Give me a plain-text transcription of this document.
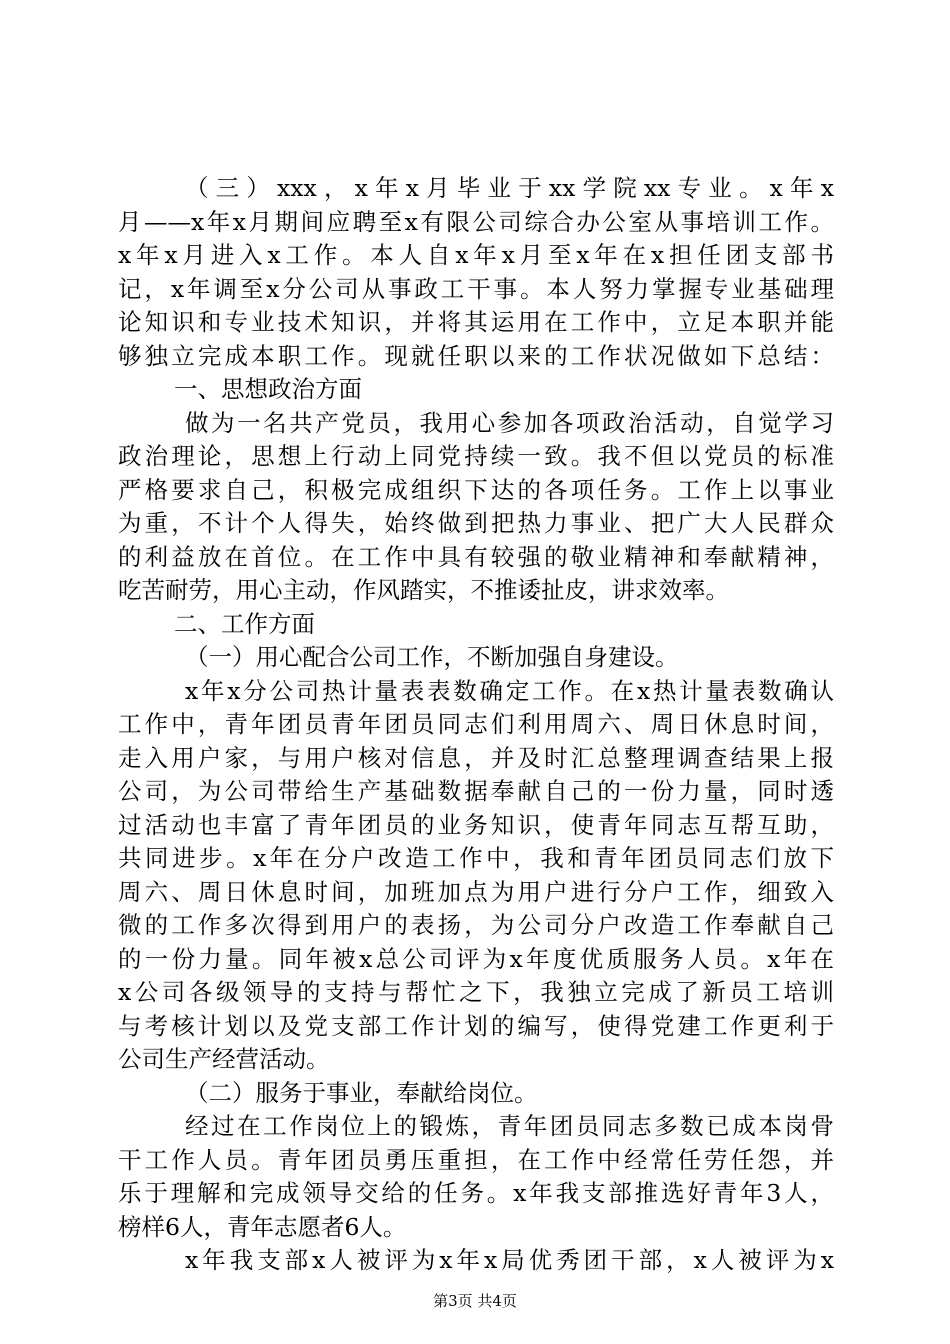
（三）xxx，x年x月毕业于xx学院xx专业。x年x
月——x年x月期间应聘至x有限公司综合办公室从事培训工作。
x年x月进入x工作。本人自x年x月至x年在x担任团支部书
记，x年调至x分公司从事政工干事。本人努力掌握专业基础理
论知识和专业技术知识，并将其运用在工作中，立足本职并能
够独立完成本职工作。现就任职以来的工作状况做如下总结：
一、思想政治方面
做为一名共产党员，我用心参加各项政治活动，自觉学习
政治理论，思想上行动上同党持续一致。我不但以党员的标准
严格要求自己，积极完成组织下达的各项任务。工作上以事业
为重，不计个人得失，始终做到把热力事业、把广大人民群众
的利益放在首位。在工作中具有较强的敬业精神和奉献精神，
吃苦耐劳，用心主动，作风踏实，不推诿扯皮，讲求效率。
二、工作方面
（一）用心配合公司工作，不断加强自身建设。
x年x分公司热计量表表数确定工作。在x热计量表数确认
工作中，青年团员青年团员同志们利用周六、周日休息时间，
走入用户家，与用户核对信息，并及时汇总整理调查结果上报
公司，为公司带给生产基础数据奉献自己的一份力量，同时透
过活动也丰富了青年团员的业务知识，使青年同志互帮互助，
共同进步。x年在分户改造工作中，我和青年团员同志们放下
周六、周日休息时间，加班加点为用户进行分户工作，细致入
微的工作多次得到用户的表扬，为公司分户改造工作奉献自己
的一份力量。同年被x总公司评为x年度优质服务人员。x年在
x公司各级领导的支持与帮忙之下，我独立完成了新员工培训
与考核计划以及党支部工作计划的编写，使得党建工作更利于
公司生产经营活动。
（二）服务于事业，奉献给岗位。
经过在工作岗位上的锻炼，青年团员同志多数已成本岗骨
干工作人员。青年团员勇压重担，在工作中经常任劳任怨，并
乐于理解和完成领导交给的任务。x年我支部推选好青年3人，
榜样6人，青年志愿者6人。
x年我支部x人被评为x年x局优秀团干部，x人被评为x
第3页 共4页
